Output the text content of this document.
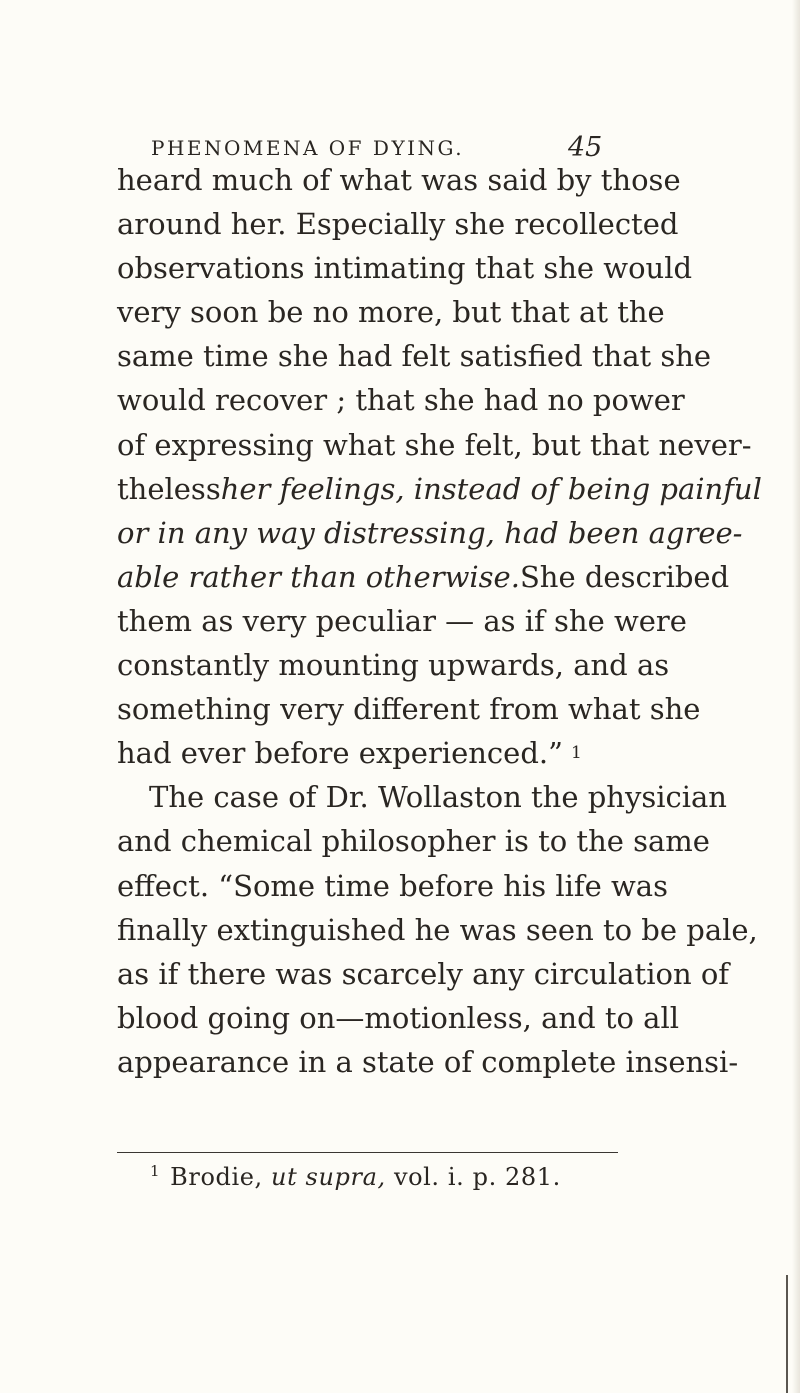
PHENOMENA OF DYING.	45
heard much of what was said by those
around her. Especially she recollected
observations intimating that she would
very soon be no more, but that at the
same time she had felt satisfied that she
would recover ; that she had no power
of expressing what she felt, but that never-
theless her feelings, instead of being painful
or in any way distressing, had been agree-
able rather than otherwise. She described
them as very peculiar — as if she were
constantly mounting upwards, and as
something very different from what she
had ever before experienced.” 1
The case of Dr. Wollaston the physician
and chemical philosopher is to the same
effect. “Some time before his life was
finally extinguished he was seen to be pale,
as if there was scarcely any circulation of
blood going on—motionless, and to all
appearance in a state of complete insensi-
$^1$ Brodie, ut supra, vol. i. p. 281.
